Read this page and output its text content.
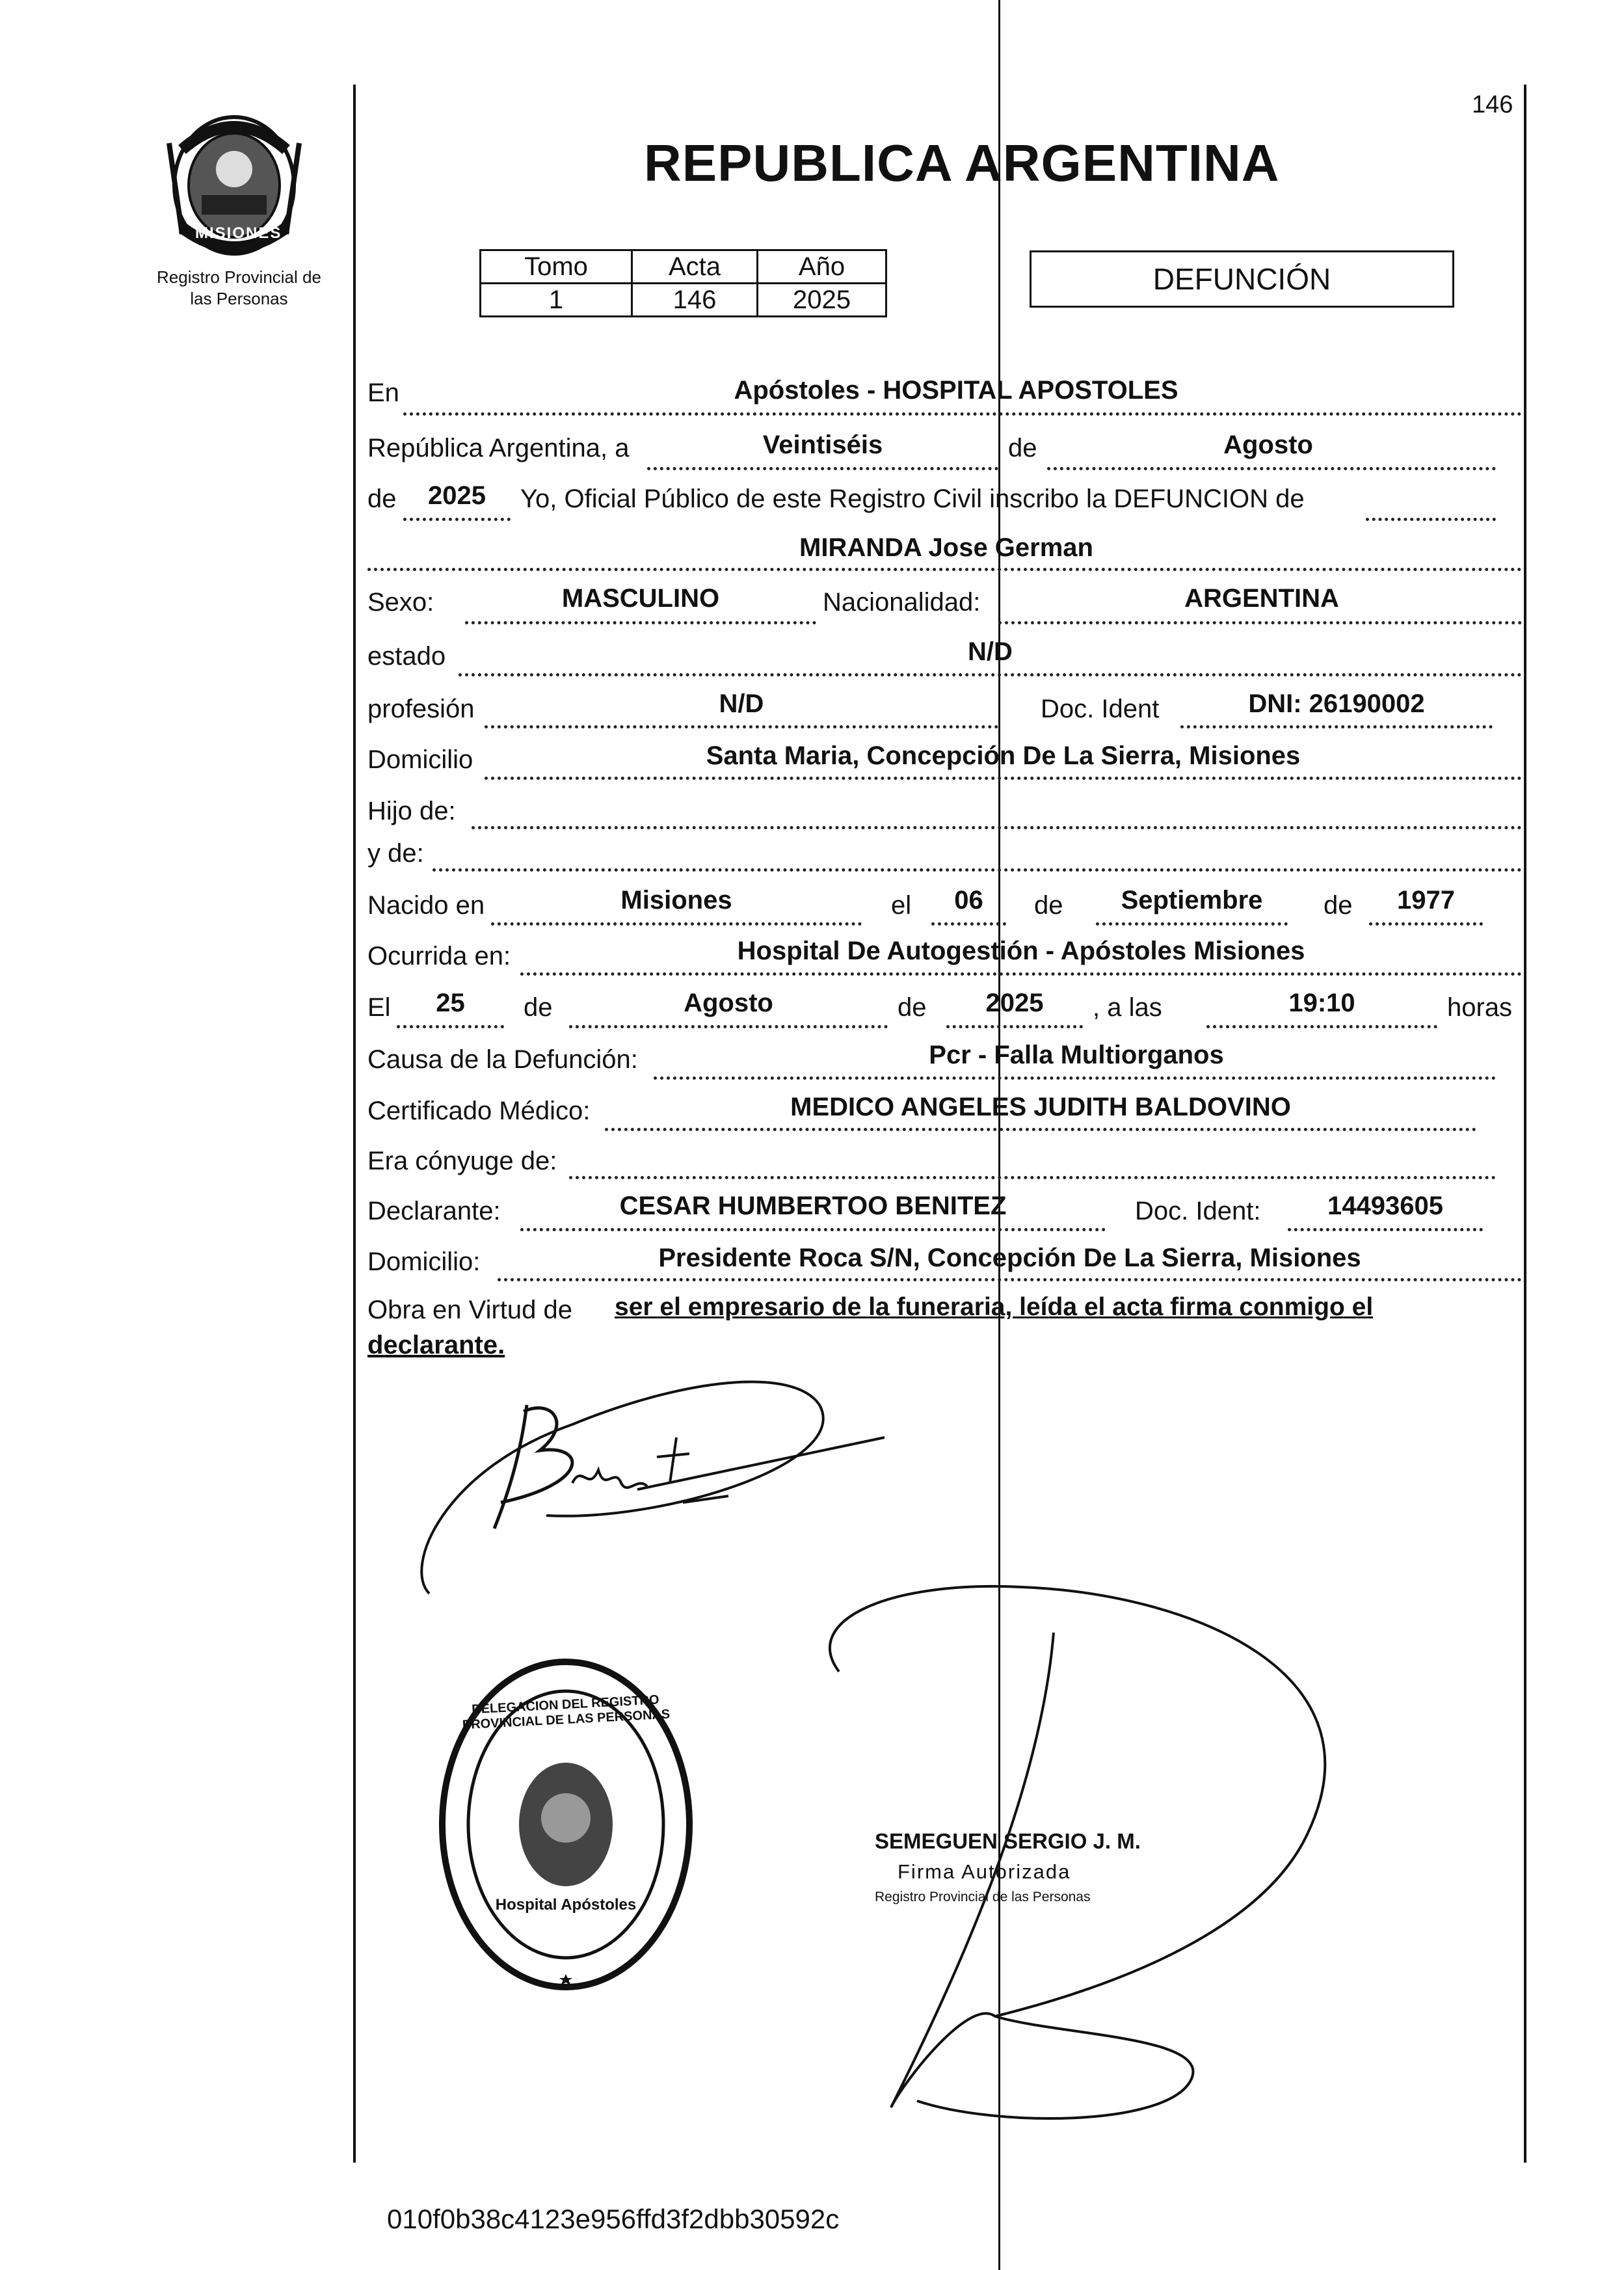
146
MISIONES
Registro Provincial de
las Personas
REPUBLICA ARGENTINA
Tomo	Acta	Año
1	146	2025
DEFUNCIÓN
En	Apóstoles - HOSPITAL APOSTOLES
República Argentina, a	Veintiséis	de	Agosto
de	2025	Yo, Oficial Público de este Registro Civil inscribo la DEFUNCION de
MIRANDA Jose German
Sexo:	MASCULINO	Nacionalidad:	ARGENTINA
estado	N/D
profesión	N/D	Doc. Ident	DNI: 26190002
Domicilio	Santa Maria, Concepción De La Sierra, Misiones
Hijo de:
y de:
Nacido en	Misiones	el	06	de	Septiembre	de	1977
Ocurrida en:	Hospital De Autogestión - Apóstoles Misiones
El	25	de	Agosto	de	2025	, a las	19:10	horas
Causa de la Defunción:	Pcr - Falla Multiorganos
Certificado Médico:	MEDICO ANGELES JUDITH BALDOVINO
Era cónyuge de:
Declarante:	CESAR HUMBERTOO BENITEZ	Doc. Ident:	14493605
Domicilio:	Presidente Roca S/N, Concepción De La Sierra, Misiones
Obra en Virtud de ser el empresario de la funeraria, leída el acta firma conmigo el
declarante.
DELEGACION DEL REGISTRO PROVINCIAL DE LAS PERSONAS
Hospital Apóstoles
SEMEGUEN SERGIO J. M.
Firma Autorizada
Registro Provincial de las Personas
010f0b38c4123e956ffd3f2dbb30592c
